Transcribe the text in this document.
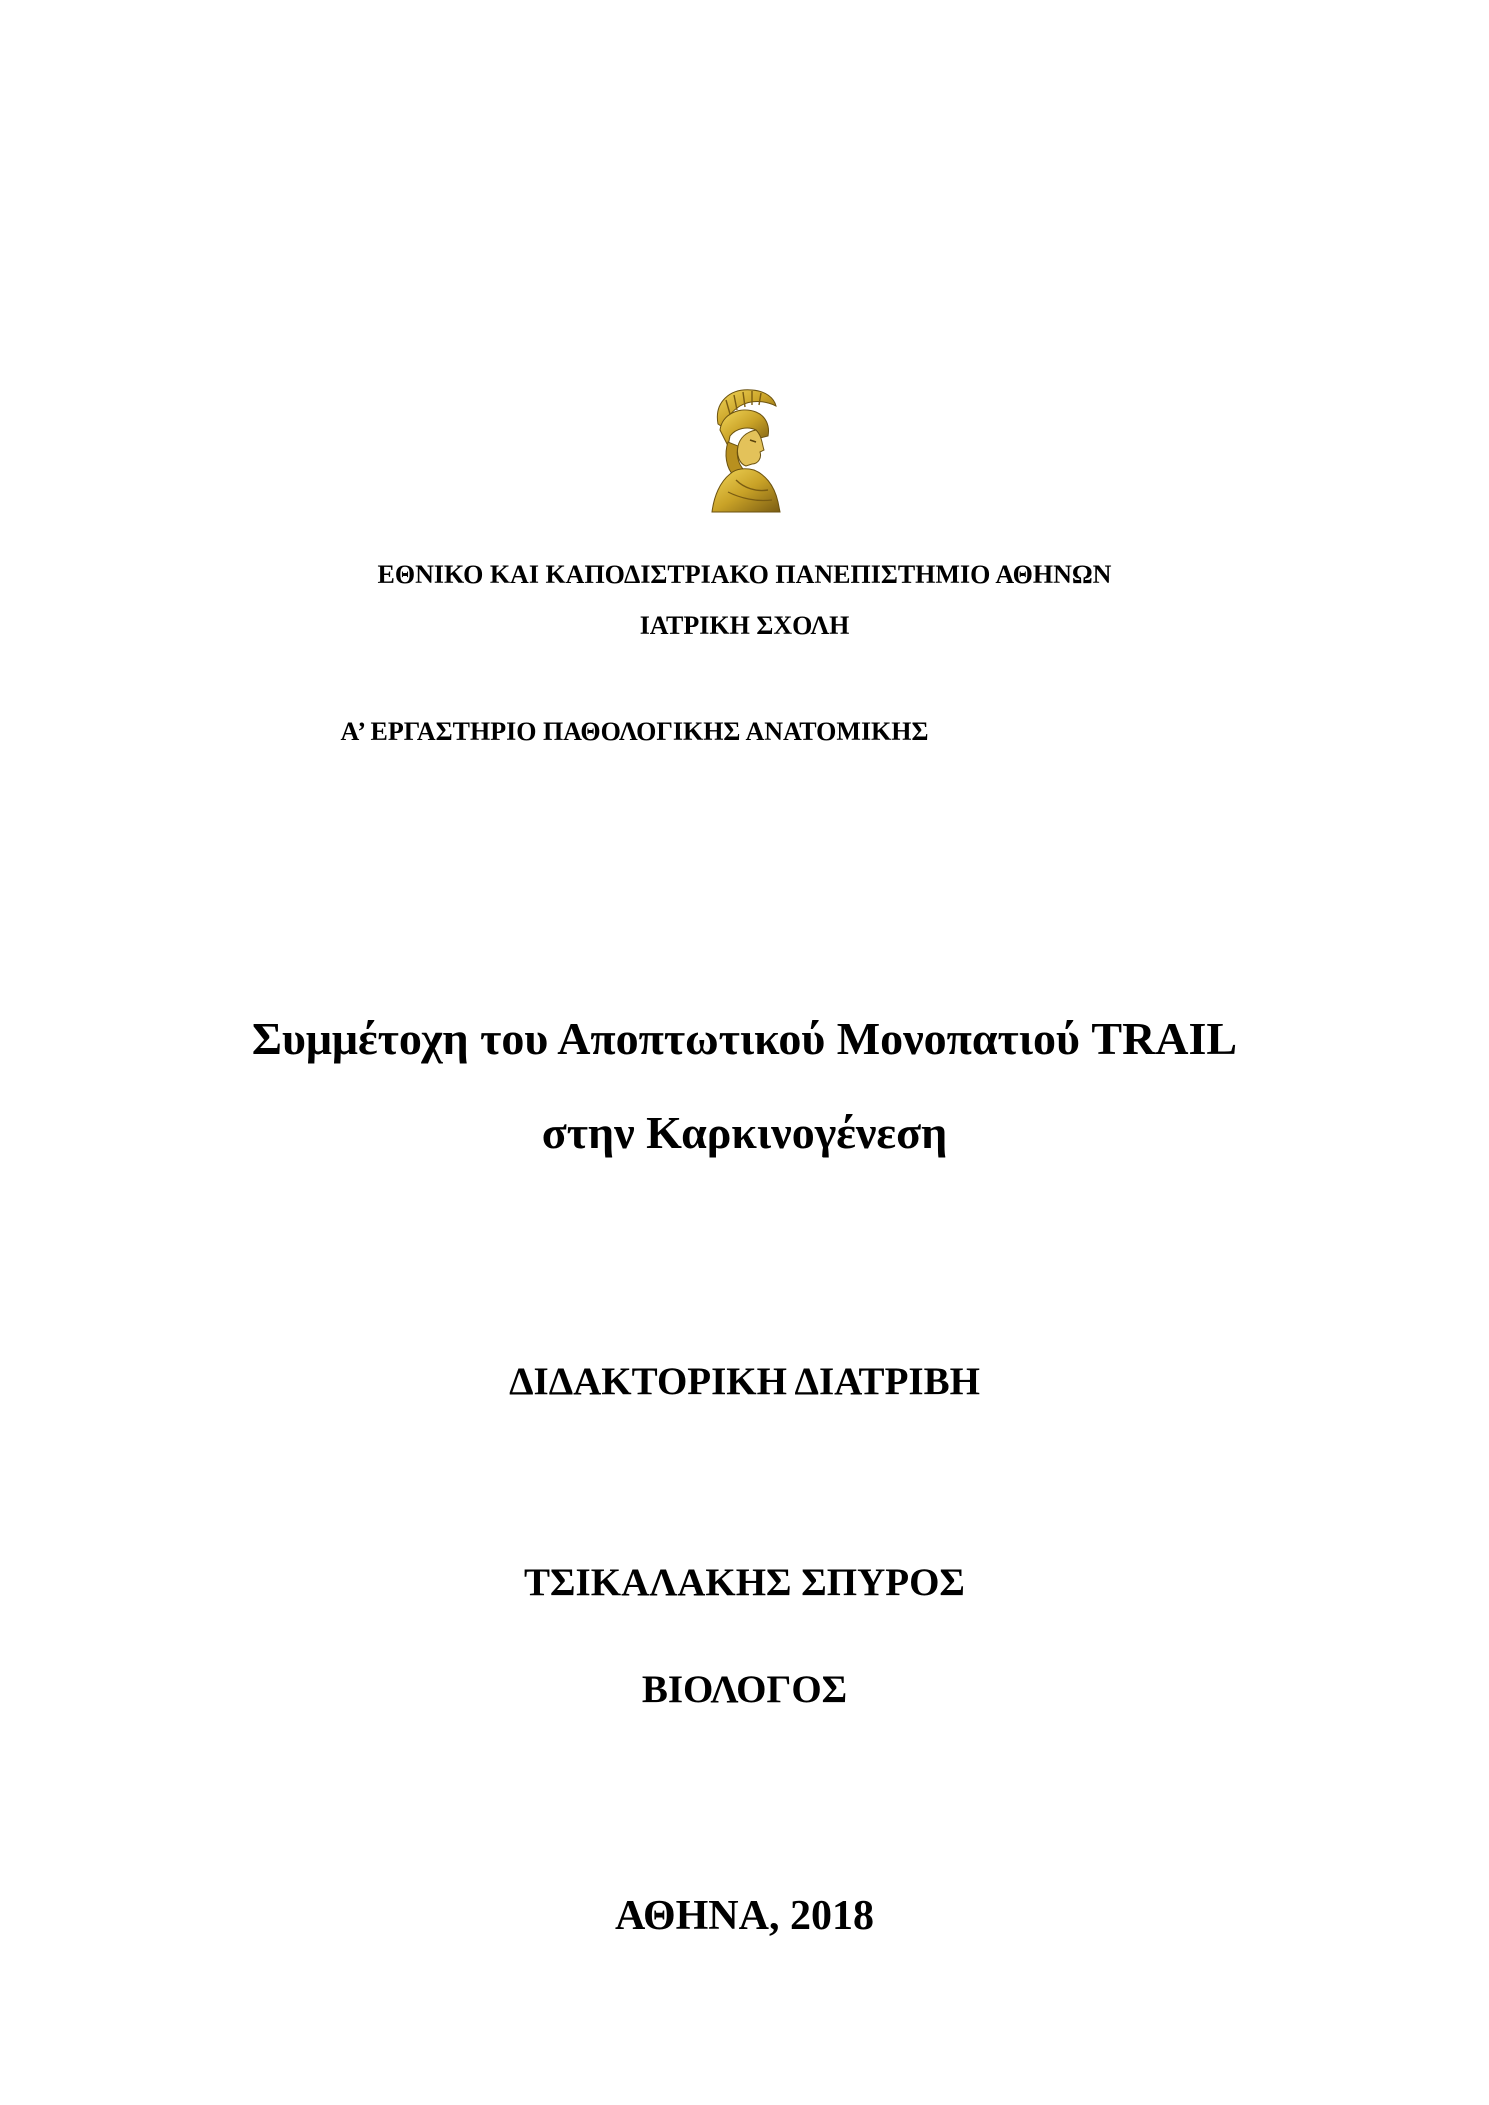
ΕΘΝΙΚΟ ΚΑΙ ΚΑΠΟΔΙΣΤΡΙΑΚΟ ΠΑΝΕΠΙΣΤΗΜΙΟ ΑΘΗΝΩΝ
ΙΑΤΡΙΚΗ ΣΧΟΛΗ
Α’ ΕΡΓΑΣΤΗΡΙΟ ΠΑΘΟΛΟΓΙΚΗΣ ΑΝΑΤΟΜΙΚΗΣ
Συμμέτοχη του Αποπτωτικού Μονοπατιού TRAIL
στην Καρκινογένεση
ΔΙΔΑΚΤΟΡΙΚΗ ΔΙΑΤΡΙΒΗ
ΤΣΙΚΑΛΑΚΗΣ ΣΠΥΡΟΣ
ΒΙΟΛΟΓΟΣ
ΑΘΗΝΑ, 2018
